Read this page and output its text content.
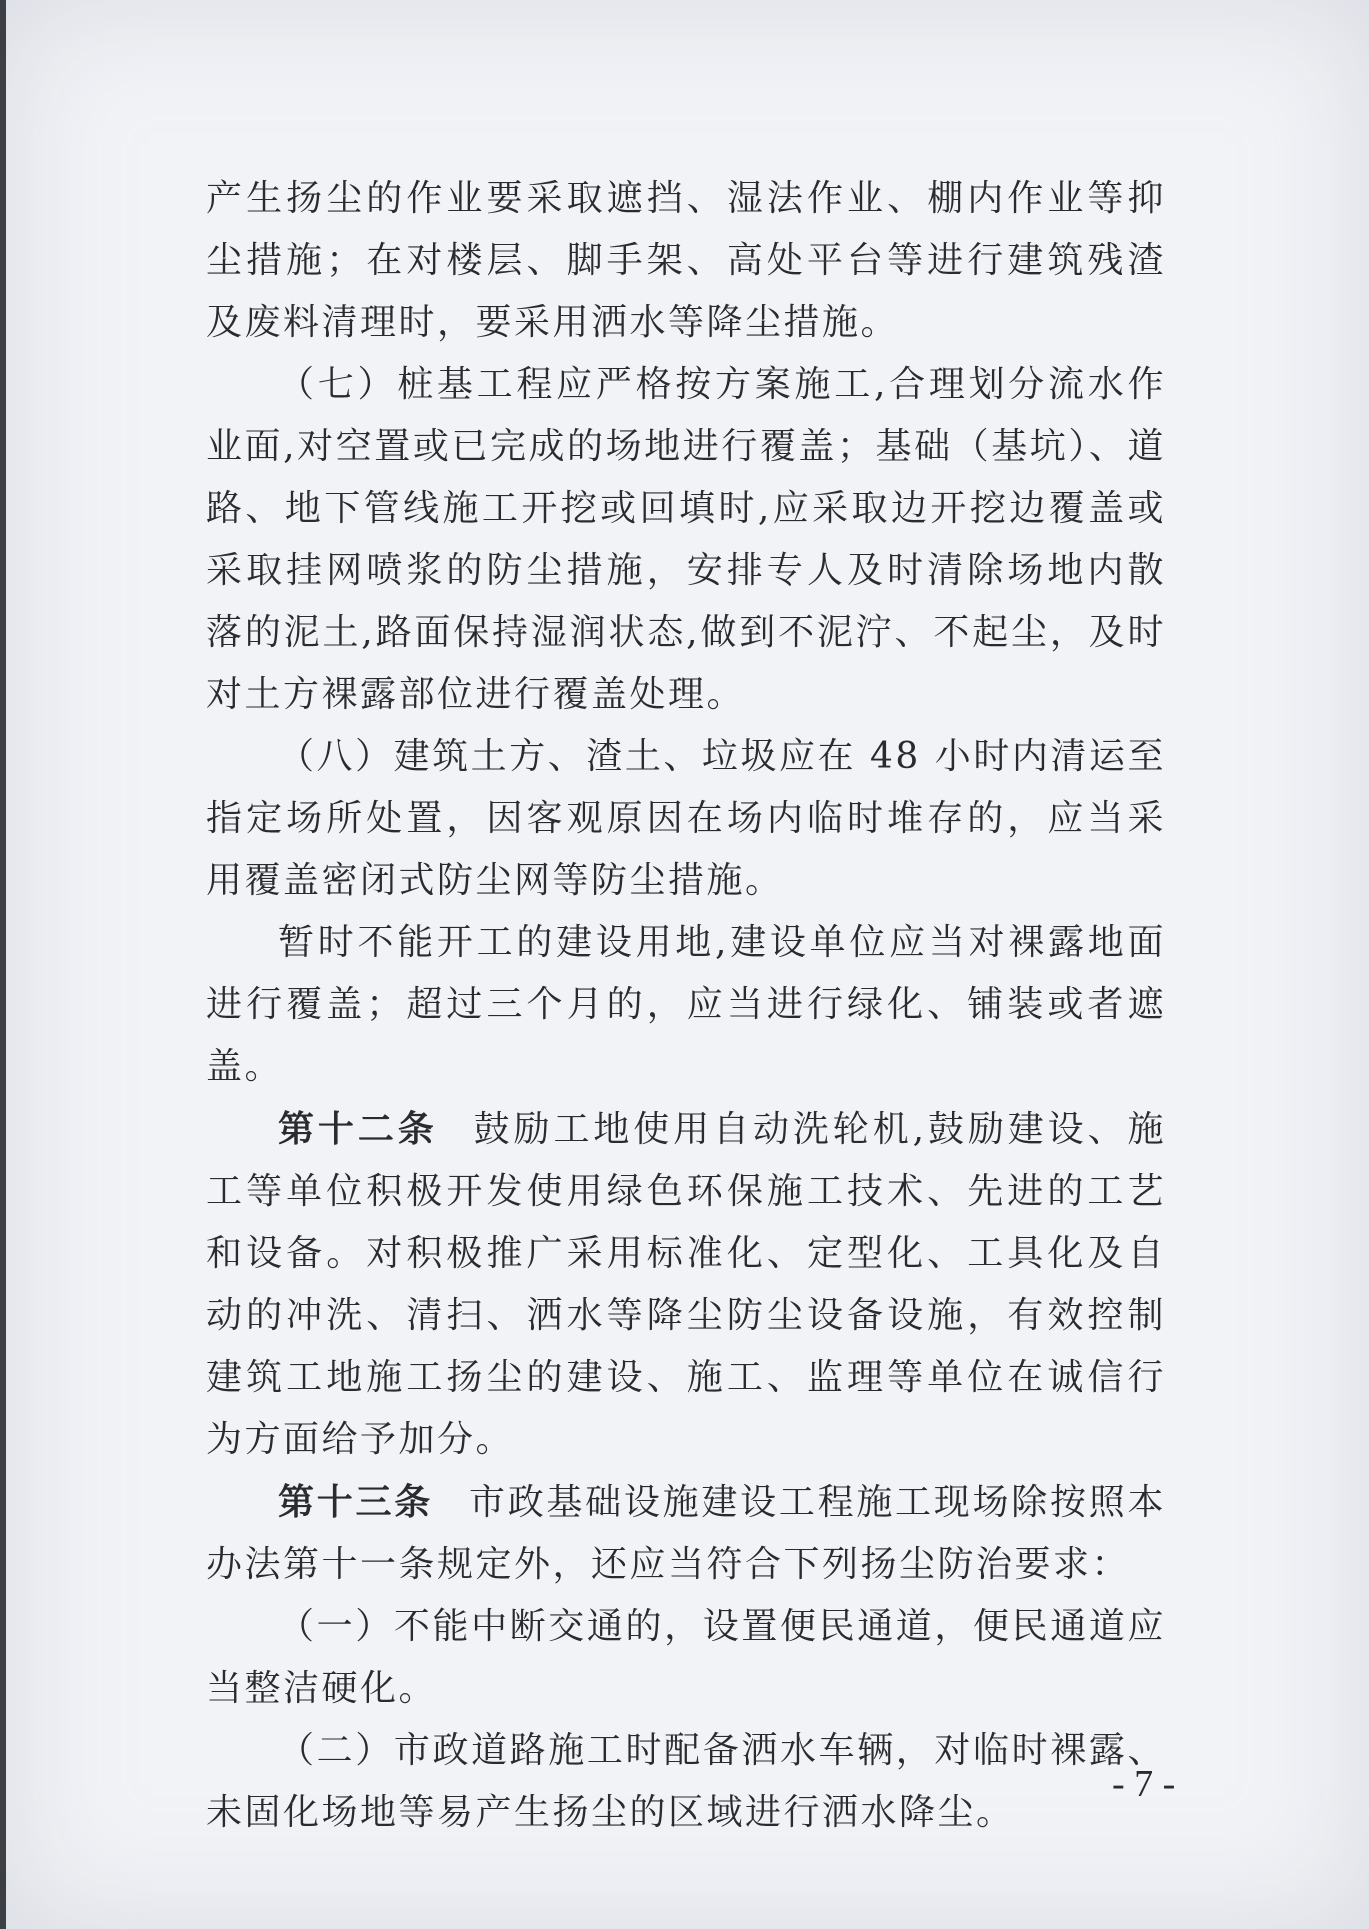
产生扬尘的作业要采取遮挡、湿法作业、棚内作业等抑尘措施；在对楼层、脚手架、高处平台等进行建筑残渣及废料清理时，要采用洒水等降尘措施。

（七）桩基工程应严格按方案施工,合理划分流水作业面,对空置或已完成的场地进行覆盖；基础（基坑）、道路、地下管线施工开挖或回填时,应采取边开挖边覆盖或采取挂网喷浆的防尘措施，安排专人及时清除场地内散落的泥土,路面保持湿润状态,做到不泥泞、不起尘，及时对土方裸露部位进行覆盖处理。

（八）建筑土方、渣土、垃圾应在 48 小时内清运至指定场所处置，因客观原因在场内临时堆存的，应当采用覆盖密闭式防尘网等防尘措施。

暂时不能开工的建设用地,建设单位应当对裸露地面进行覆盖；超过三个月的，应当进行绿化、铺装或者遮盖。

第十二条 鼓励工地使用自动洗轮机,鼓励建设、施工等单位积极开发使用绿色环保施工技术、先进的工艺和设备。对积极推广采用标准化、定型化、工具化及自动的冲洗、清扫、洒水等降尘防尘设备设施，有效控制建筑工地施工扬尘的建设、施工、监理等单位在诚信行为方面给予加分。

第十三条 市政基础设施建设工程施工现场除按照本办法第十一条规定外，还应当符合下列扬尘防治要求：

（一）不能中断交通的，设置便民通道，便民通道应当整洁硬化。

（二）市政道路施工时配备洒水车辆，对临时裸露、未固化场地等易产生扬尘的区域进行洒水降尘。

- 7 -
